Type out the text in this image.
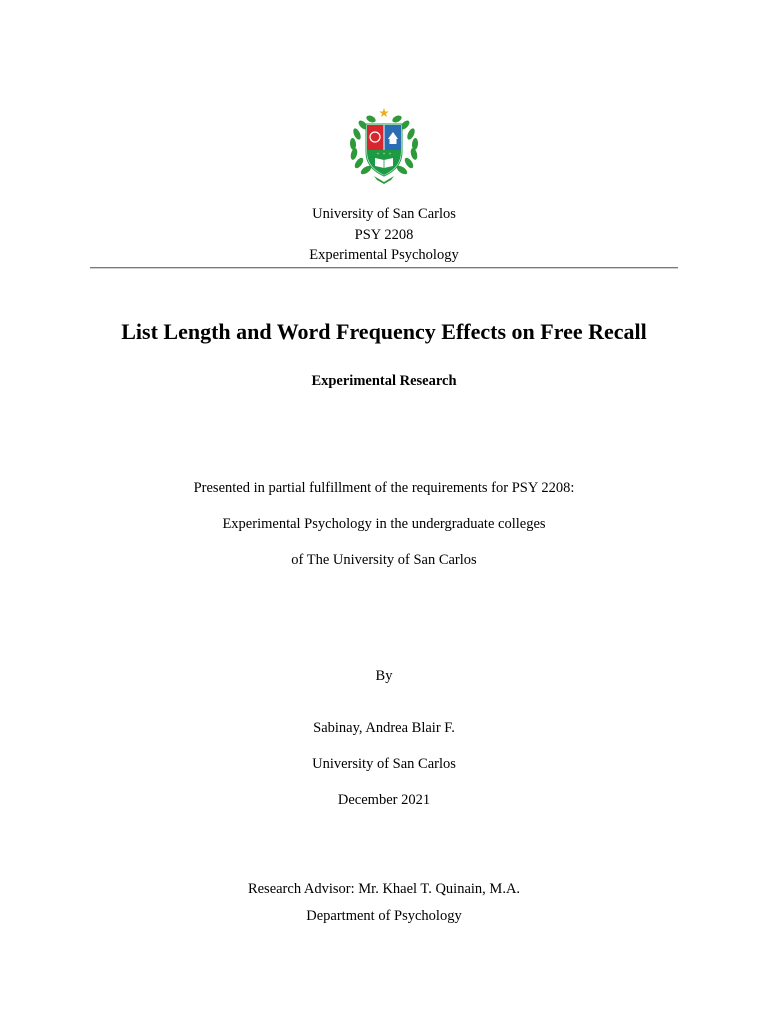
University of San Carlos
PSY 2208
Experimental Psychology
List Length and Word Frequency Effects on Free Recall
Experimental Research
Presented in partial fulfillment of the requirements for PSY 2208:
Experimental Psychology in the undergraduate colleges
of The University of San Carlos
By
Sabinay, Andrea Blair F.
University of San Carlos
December 2021
Research Advisor: Mr. Khael T. Quinain, M.A.
Department of Psychology
